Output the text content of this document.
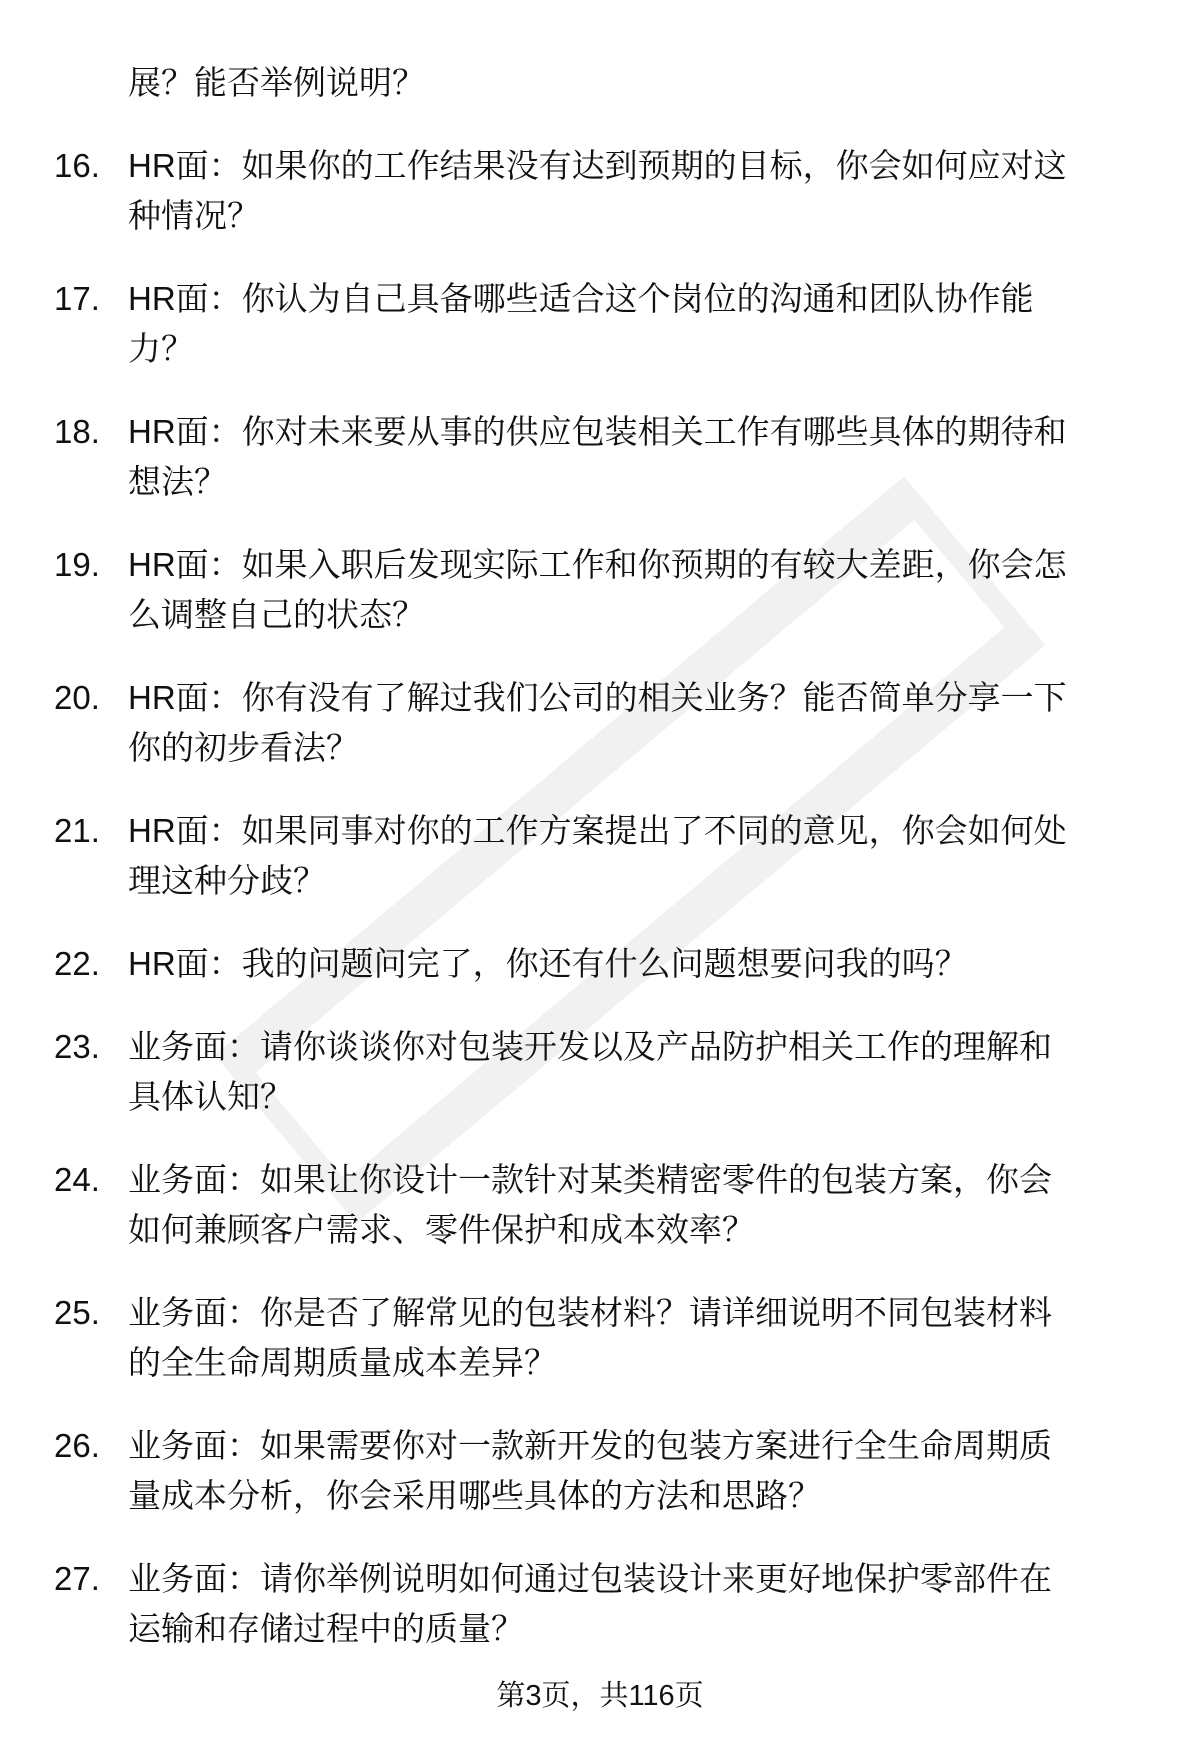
展？能否举例说明？
16. HR面：如果你的工作结果没有达到预期的目标，你会如何应对这
种情况？
17. HR面：你认为自己具备哪些适合这个岗位的沟通和团队协作能
力？
18. HR面：你对未来要从事的供应包装相关工作有哪些具体的期待和
想法？
19. HR面：如果入职后发现实际工作和你预期的有较大差距，你会怎
么调整自己的状态？
20. HR面：你有没有了解过我们公司的相关业务？能否简单分享一下
你的初步看法？
21. HR面：如果同事对你的工作方案提出了不同的意见，你会如何处
理这种分歧？
22. HR面：我的问题问完了，你还有什么问题想要问我的吗？
23. 业务面：请你谈谈你对包装开发以及产品防护相关工作的理解和
具体认知？
24. 业务面：如果让你设计一款针对某类精密零件的包装方案，你会
如何兼顾客户需求、零件保护和成本效率？
25. 业务面：你是否了解常见的包装材料？请详细说明不同包装材料
的全生命周期质量成本差异？
26. 业务面：如果需要你对一款新开发的包装方案进行全生命周期质
量成本分析，你会采用哪些具体的方法和思路？
27. 业务面：请你举例说明如何通过包装设计来更好地保护零部件在
运输和存储过程中的质量？
第3页，共116页
